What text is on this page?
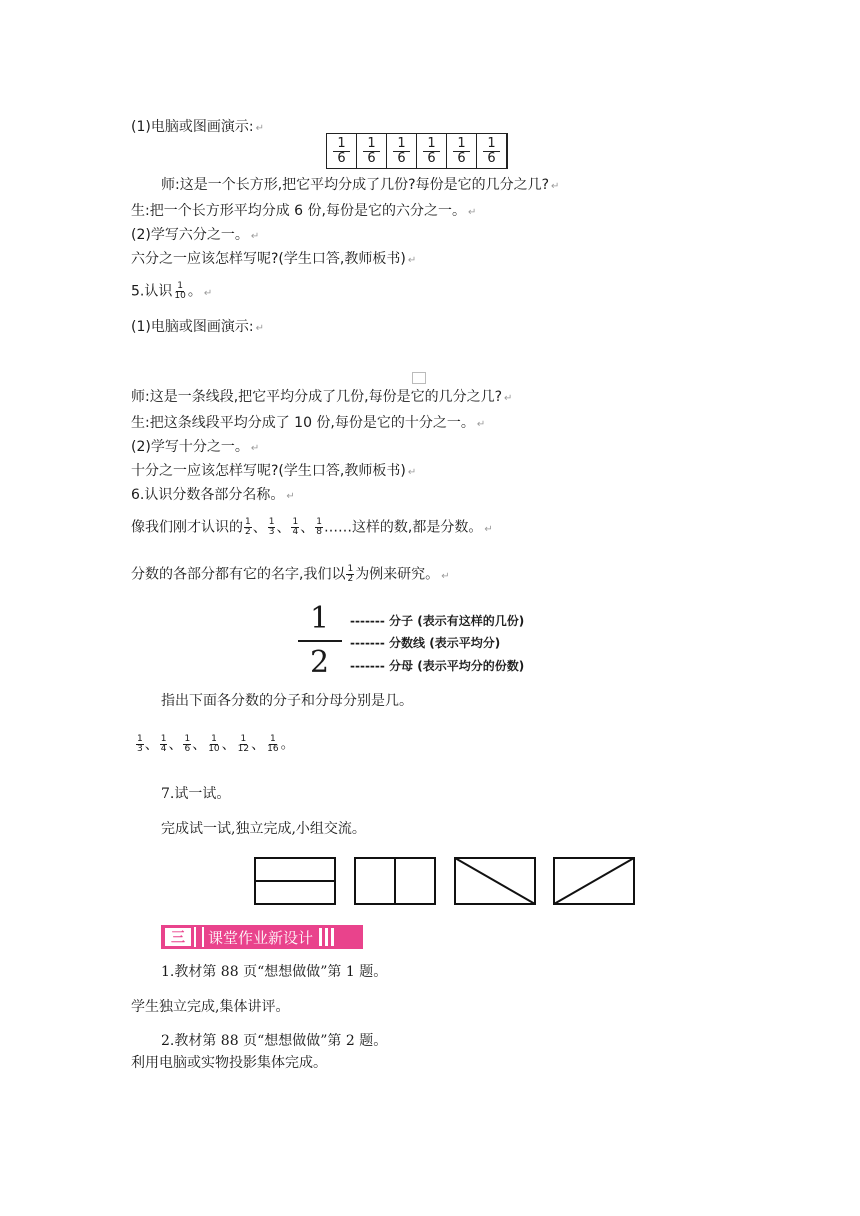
(1)电脑或图画演示: ↵
1
6
1
6
1
6
1
6
1
6
1
6
师:这是一个长方形,把它平均分成了几份?每份是它的几分之几? ↵
生:把一个长方形平均分成 6 份,每份是它的六分之一。 ↵
(2)学写六分之一。 ↵
六分之一应该怎样写呢?(学生口答,教师板书) ↵
5.认识 $\frac{1}{10}$ 。 ↵
(1)电脑或图画演示: ↵
师:这是一条线段,把它平均分成了几份,每份是它的几分之几? ↵
生:把这条线段平均分成了 10 份,每份是它的十分之一。 ↵
(2)学写十分之一。 ↵
十分之一应该怎样写呢?(学生口答,教师板书) ↵
6.认识分数各部分名称。 ↵
像我们刚才认识的 $\frac{1}{2}$ 、 $\frac{1}{3}$ 、 $\frac{1}{4}$ 、 $\frac{1}{8}$ ……这样的数,都是分数。 ↵
分数的各部分都有它的名字,我们以 $\frac{1}{2}$ 为例来研究。 ↵
1
2
------- 分子 (表示有这样的几份)
------- 分数线 (表示平均分)
------- 分母 (表示平均分的份数)
指出下面各分数的分子和分母分别是几。
$\frac{1}{3}$ 、 $\frac{1}{4}$ 、 $\frac{1}{6}$ 、 $\frac{1}{10}$ 、 $\frac{1}{12}$ 、 $\frac{1}{16}$ 。
7.试一试。
完成试一试,独立完成,小组交流。
三	课堂作业新设计
1.教材第 88 页“想想做做”第 1 题。
学生独立完成,集体讲评。
2.教材第 88 页“想想做做”第 2 题。
利用电脑或实物投影集体完成。
